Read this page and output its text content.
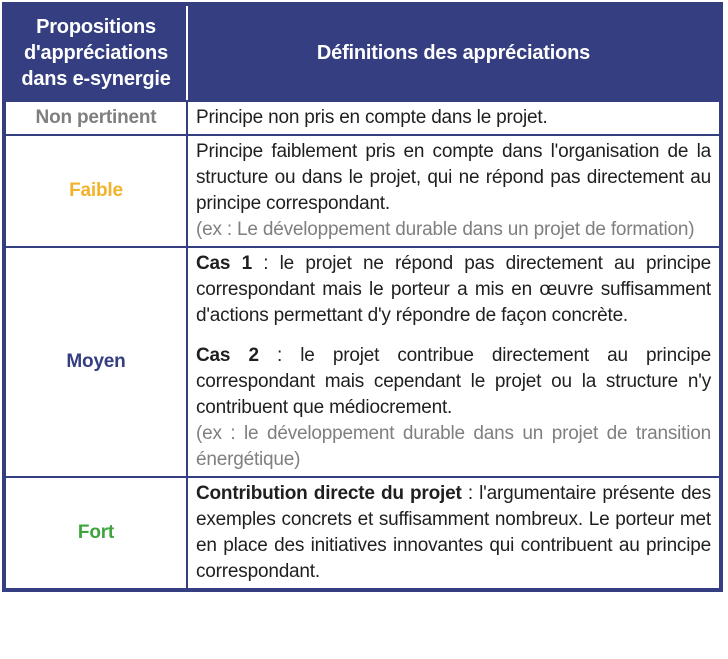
Propositions d'appréciations dans e-synergie	Définitions des appréciations
Non pertinent	Principe non pris en compte dans le projet.

Faible	Principe faiblement pris en compte dans l'organisation de la structure ou dans le projet, qui ne répond pas directement au principe correspondant.

(ex : Le développement durable dans un projet de formation)

Moyen	Cas 1 : le projet ne répond pas directement au principe correspondant mais le porteur a mis en œuvre suffisamment d'actions permettant d'y répondre de façon concrète.

Cas 2 : le projet contribue directement au principe correspondant mais cependant le projet ou la structure n'y contribuent que médiocrement.

(ex : le développement durable dans un projet de transition énergétique)

Fort	Contribution directe du projet : l'argumentaire présente des exemples concrets et suffisamment nombreux. Le porteur met en place des initiatives innovantes qui contribuent au principe correspondant.
